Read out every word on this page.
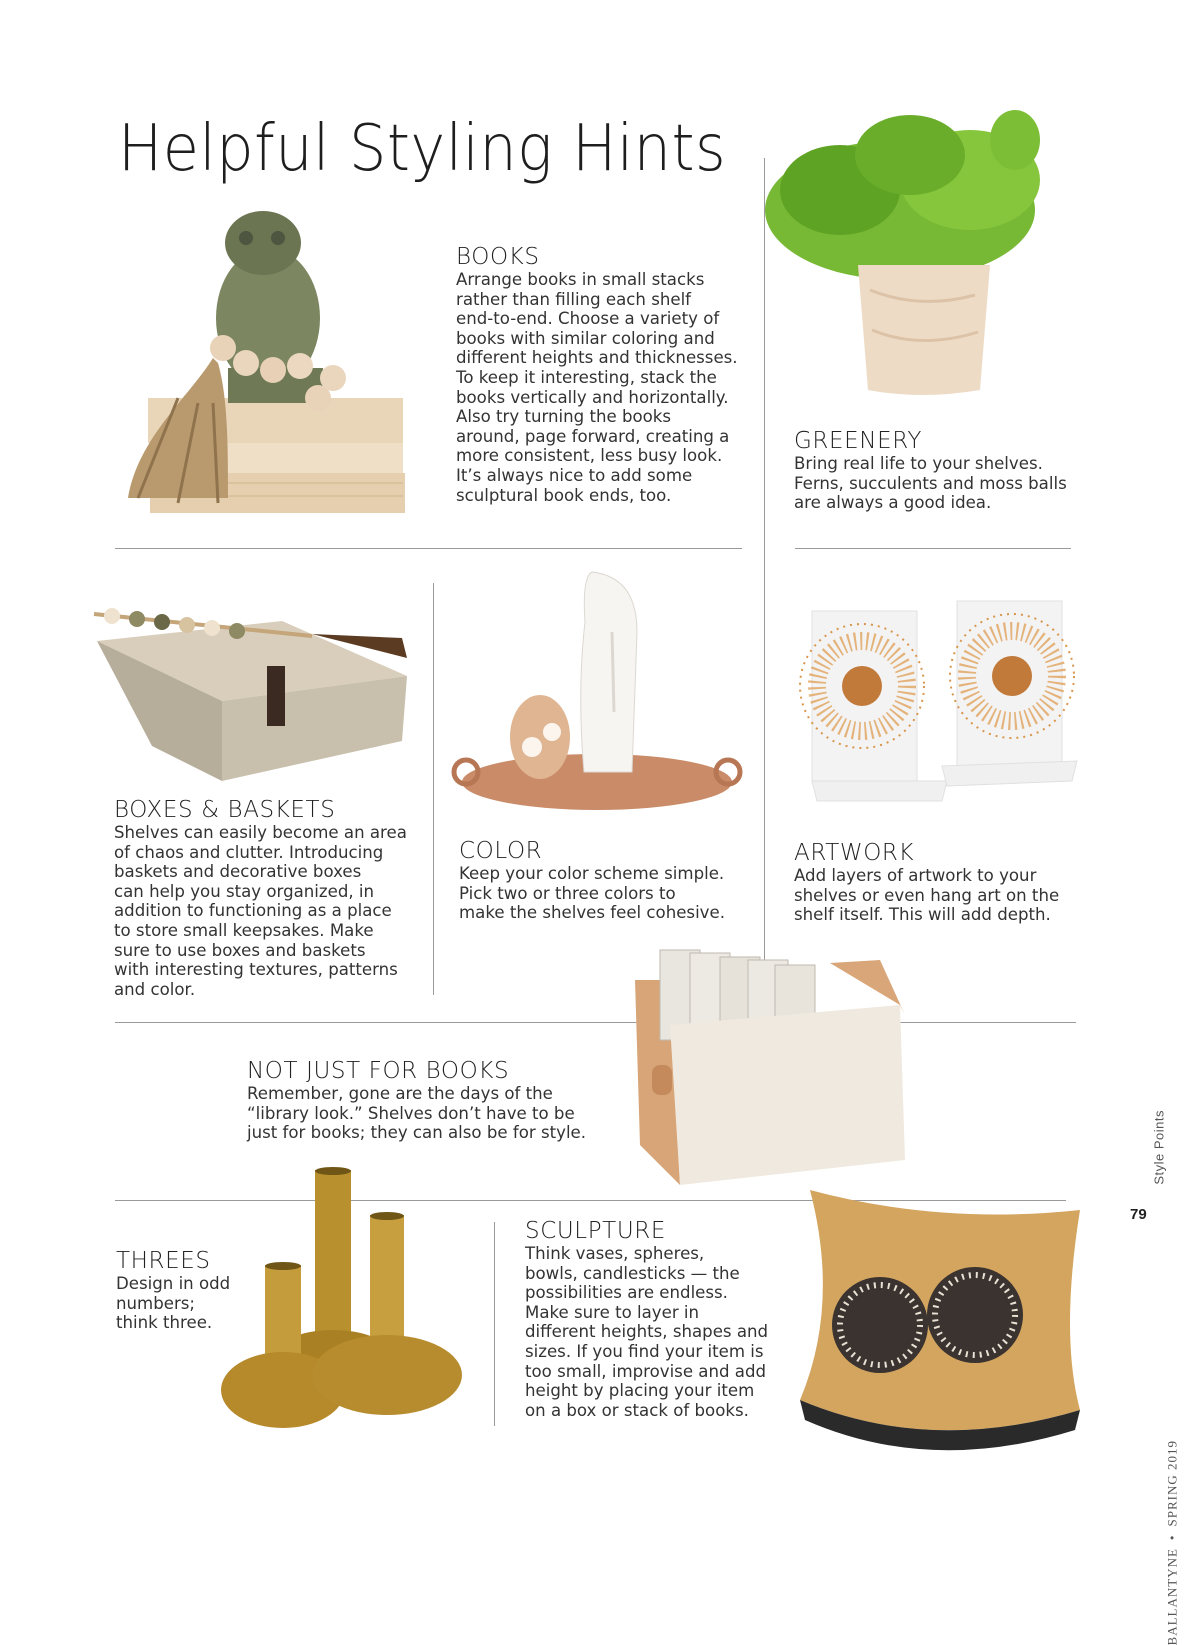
Helpful Styling Hints
BOOKS
Arrange books in small stacks
rather than filling each shelf
end-to-end. Choose a variety of
books with similar coloring and
different heights and thicknesses.
To keep it interesting, stack the
books vertically and horizontally.
Also try turning the books
around, page forward, creating a
more consistent, less busy look.
It’s always nice to add some
sculptural book ends, too.
GREENERY
Bring real life to your shelves.
Ferns, succulents and moss balls
are always a good idea.
BOXES & BASKETS
Shelves can easily become an area
of chaos and clutter. Introducing
baskets and decorative boxes
can help you stay organized, in
addition to functioning as a place
to store small keepsakes. Make
sure to use boxes and baskets
with interesting textures, patterns
and color.
COLOR
Keep your color scheme simple.
Pick two or three colors to
make the shelves feel cohesive.
ARTWORK
Add layers of artwork to your
shelves or even hang art on the
shelf itself. This will add depth.
NOT JUST FOR BOOKS
Remember, gone are the days of the
“library look.” Shelves don’t have to be
just for books; they can also be for style.
THREES
Design in odd
numbers;
think three.
SCULPTURE
Think vases, spheres,
bowls, candlesticks — the
possibilities are endless.
Make sure to layer in
different heights, shapes and
sizes. If you find your item is
too small, improvise and add
height by placing your item
on a box or stack of books.
Style Points
79
BALLANTYNE•SPRING 2019
